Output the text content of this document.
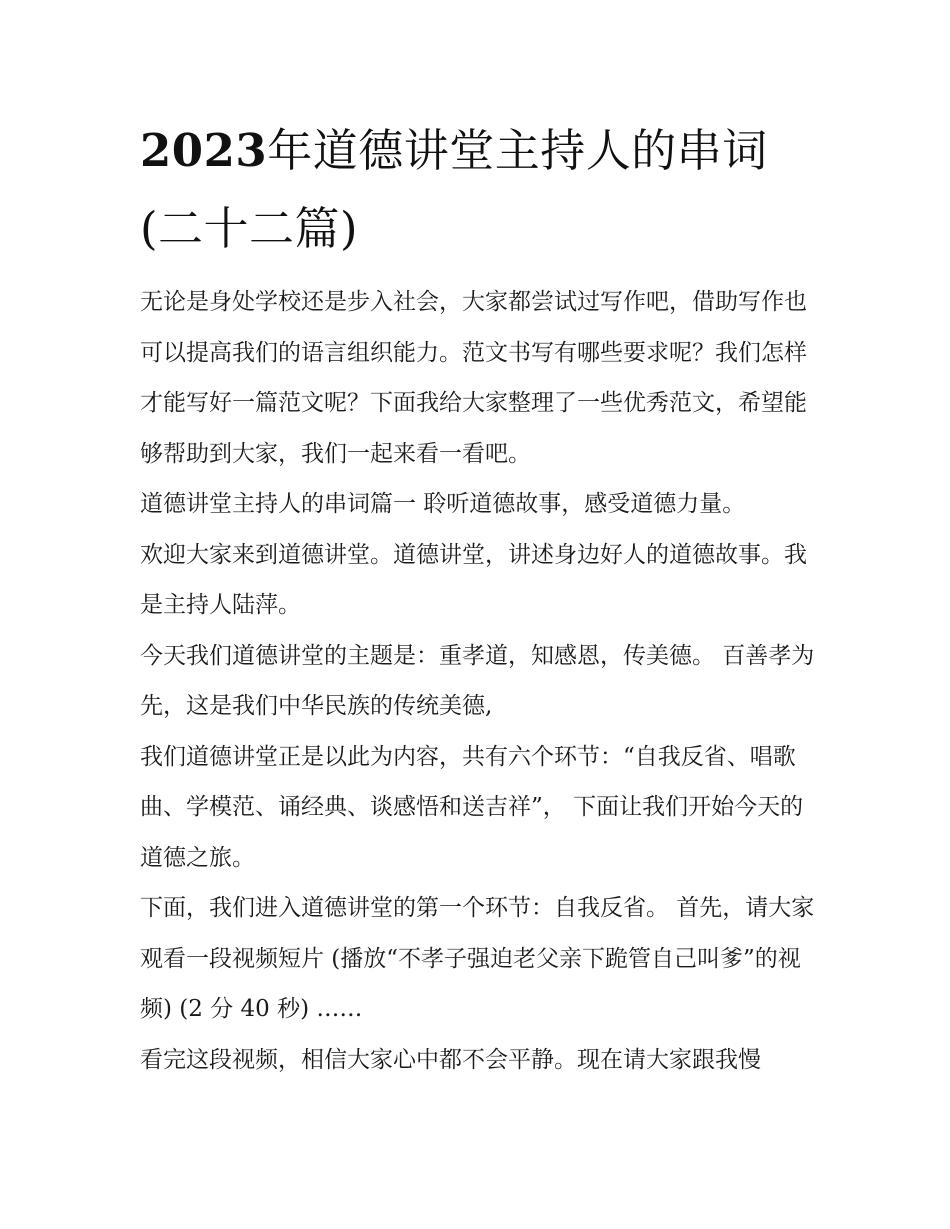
2023年道德讲堂主持人的串词(二十二篇)

无论是身处学校还是步入社会，大家都尝试过写作吧，借助写作也可以提高我们的语言组织能力。范文书写有哪些要求呢？我们怎样才能写好一篇范文呢？下面我给大家整理了一些优秀范文，希望能够帮助到大家，我们一起来看一看吧。

道德讲堂主持人的串词篇一 聆听道德故事，感受道德力量。

欢迎大家来到道德讲堂。道德讲堂，讲述身边好人的道德故事。我是主持人陆萍。

今天我们道德讲堂的主题是：重孝道，知感恩，传美德。 百善孝为先，这是我们中华民族的传统美德,

我们道德讲堂正是以此为内容，共有六个环节：“自我反省、唱歌曲、学模范、诵经典、谈感悟和送吉祥”， 下面让我们开始今天的道德之旅。

下面，我们进入道德讲堂的第一个环节：自我反省。 首先，请大家观看一段视频短片 (播放“不孝子强迫老父亲下跪管自己叫爹”的视频) (2 分 40 秒) ……

看完这段视频，相信大家心中都不会平静。现在请大家跟我慢
